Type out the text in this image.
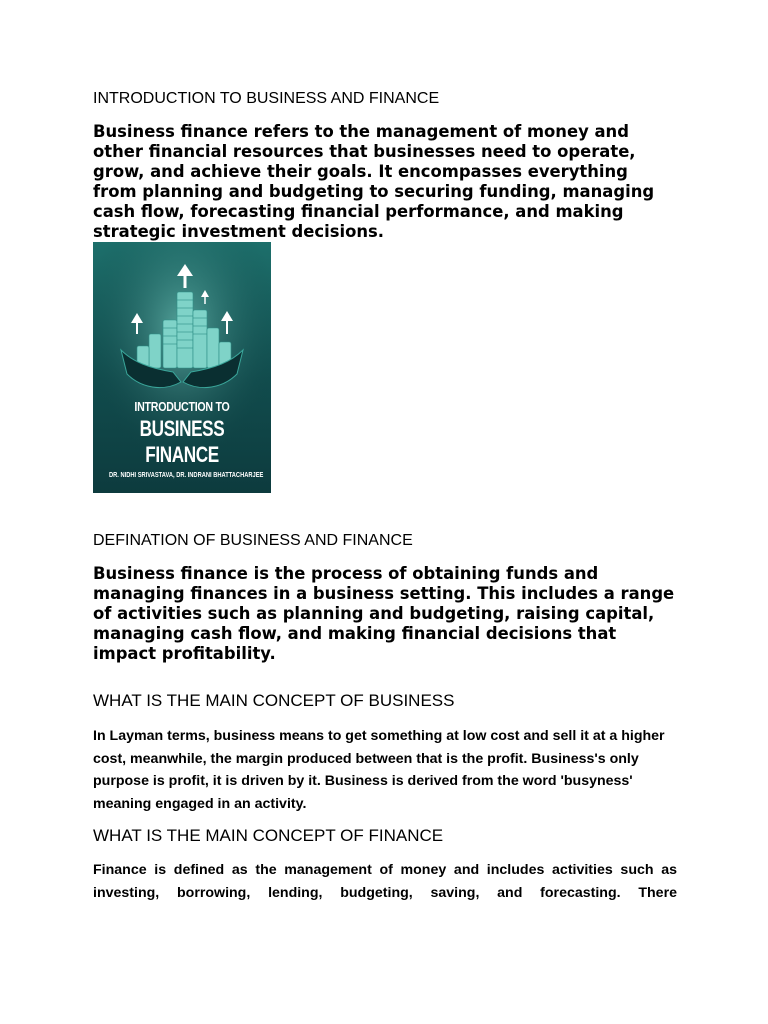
INTRODUCTION TO BUSINESS AND FINANCE

Business finance refers to the management of money and other financial resources that businesses need to operate, grow, and achieve their goals. It encompasses everything from planning and budgeting to securing funding, managing cash flow, forecasting financial performance, and making strategic investment decisions.

INTRODUCTION TO
BUSINESS FINANCE
DR. NIDHI SRIVASTAVA, DR. INDRANI BHATTACHARJEE
DEFINATION OF BUSINESS AND FINANCE

Business finance is the process of obtaining funds and managing finances in a business setting. This includes a range of activities such as planning and budgeting, raising capital, managing cash flow, and making financial decisions that impact profitability.

WHAT IS THE MAIN CONCEPT OF BUSINESS

In Layman terms, business means to get something at low cost and sell it at a higher cost, meanwhile, the margin produced between that is the profit. Business's only purpose is profit, it is driven by it. Business is derived from the word 'busyness' meaning engaged in an activity.

WHAT IS THE MAIN CONCEPT OF FINANCE

Finance is defined as the management of money and includes activities such as investing, borrowing, lending, budgeting, saving, and forecasting. There
